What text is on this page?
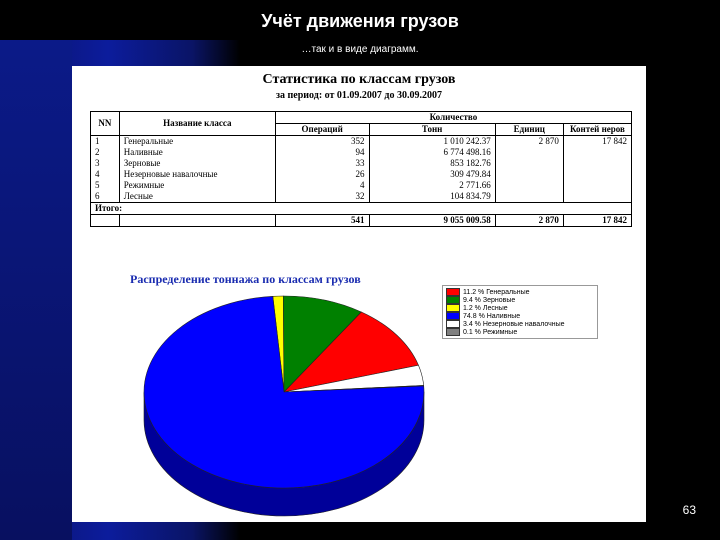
Учёт движения грузов
…так и в виде диаграмм.
Статистика по классам грузов
за период: от 01.09.2007 до 30.09.2007
NN	Название класса	Количество			
		Операций	Тонн	Единиц	Контей неров
1	Генеральные	352	1 010 242.37	2 870	17 842
2	Наливные	94	6 774 498.16		
3	Зерновые	33	853 182.76		
4	Незерновые навалочные	26	309 479.84		
5	Режимные	4	2 771.66		
6	Лесные	32	104 834.79		
Итого:					
		541	9 055 009.58	2 870	17 842
Распределение тоннажа по классам грузов
11.2 % Генеральные
9.4 % Зерновые
1.2 % Лесные
74.8 % Наливные
3.4 % Незерновые навалочные
0.1 % Режимные
63
